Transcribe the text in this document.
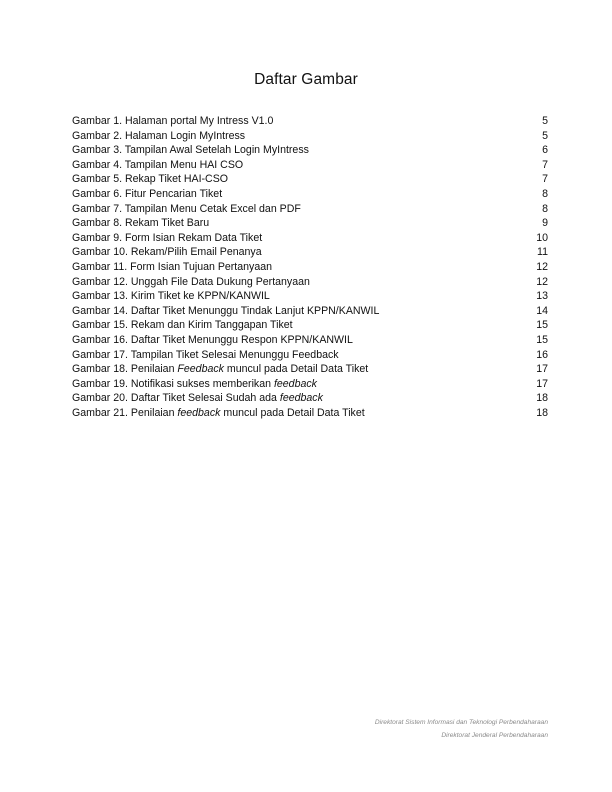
Daftar Gambar
Gambar 1. Halaman portal My Intress V1.0	5
Gambar 2. Halaman Login MyIntress	5
Gambar 3. Tampilan Awal Setelah Login MyIntress	6
Gambar 4. Tampilan Menu HAI CSO	7
Gambar 5. Rekap Tiket HAI-CSO	7
Gambar 6. Fitur Pencarian Tiket	8
Gambar 7. Tampilan Menu Cetak Excel dan PDF	8
Gambar 8. Rekam Tiket Baru	9
Gambar 9. Form Isian Rekam Data Tiket	10
Gambar 10. Rekam/Pilih Email Penanya	11
Gambar 11. Form Isian Tujuan Pertanyaan	12
Gambar 12. Unggah File Data Dukung Pertanyaan	12
Gambar 13. Kirim Tiket ke KPPN/KANWIL	13
Gambar 14. Daftar Tiket Menunggu Tindak Lanjut KPPN/KANWIL	14
Gambar 15. Rekam dan Kirim Tanggapan Tiket	15
Gambar 16. Daftar Tiket Menunggu Respon KPPN/KANWIL	15
Gambar 17. Tampilan Tiket Selesai Menunggu Feedback	16
Gambar 18. Penilaian Feedback muncul pada Detail Data Tiket	17
Gambar 19. Notifikasi sukses memberikan feedback	17
Gambar 20. Daftar Tiket Selesai Sudah ada feedback	18
Gambar 21. Penilaian feedback muncul pada Detail Data Tiket	18
Direktorat Sistem Informasi dan Teknologi Perbendaharaan
Direktorat Jenderal Perbendaharaan
